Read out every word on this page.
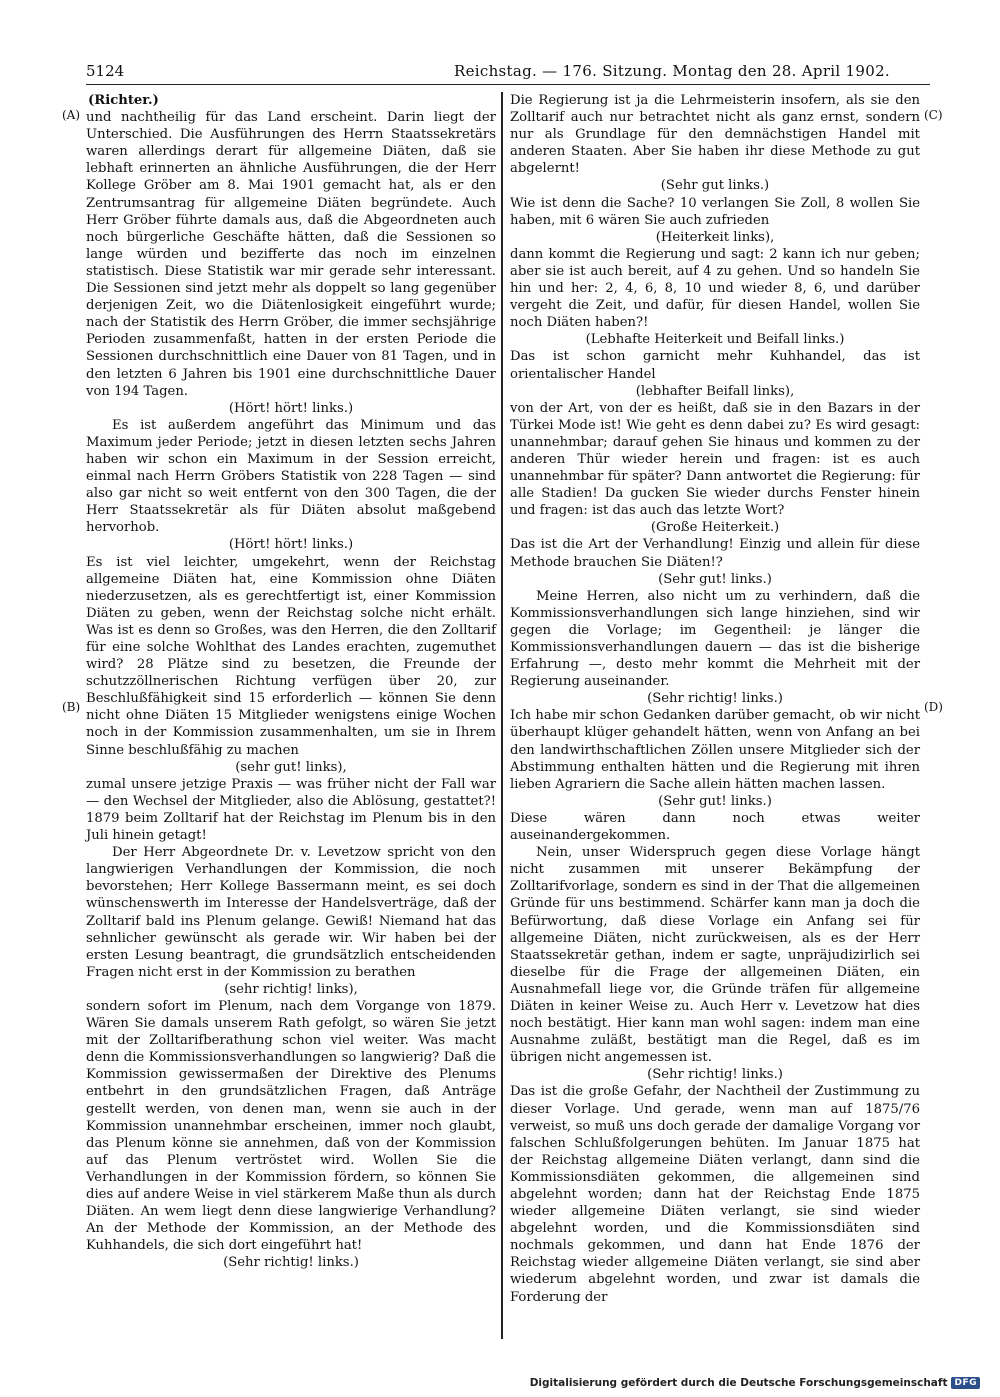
5124	Reichstag. — 176. Sitzung. Montag den 28. April 1902.

(Richter.)

und nachtheilig für das Land erscheint. Darin liegt der Unterschied. Die Ausführungen des Herrn Staatssekretärs waren allerdings derart für allgemeine Diäten, daß sie lebhaft erinnerten an ähnliche Ausführungen, die der Herr Kollege Gröber am 8. Mai 1901 gemacht hat, als er den Zentrumsantrag für allgemeine Diäten begründete. Auch Herr Gröber führte damals aus, daß die Abgeordneten auch noch bürgerliche Geschäfte hätten, daß die Sessionen so lange würden und bezifferte das noch im einzelnen statistisch. Diese Statistik war mir gerade sehr interessant. Die Sessionen sind jetzt mehr als doppelt so lang gegenüber derjenigen Zeit, wo die Diätenlosigkeit eingeführt wurde; nach der Statistik des Herrn Gröber, die immer sechsjährige Perioden zusammenfaßt, hatten in der ersten Periode die Sessionen durchschnittlich eine Dauer von 81 Tagen, und in den letzten 6 Jahren bis 1901 eine durchschnittliche Dauer von 194 Tagen.

(Hört! hört! links.)

Es ist außerdem angeführt das Minimum und das Maximum jeder Periode; jetzt in diesen letzten sechs Jahren haben wir schon ein Maximum in der Session erreicht, einmal nach Herrn Gröbers Statistik von 228 Tagen — sind also gar nicht so weit entfernt von den 300 Tagen, die der Herr Staatssekretär als für Diäten absolut maßgebend hervorhob.

(Hört! hört! links.)

Es ist viel leichter, umgekehrt, wenn der Reichstag allgemeine Diäten hat, eine Kommission ohne Diäten niederzusetzen, als es gerechtfertigt ist, einer Kommission Diäten zu geben, wenn der Reichstag solche nicht erhält. Was ist es denn so Großes, was den Herren, die den Zolltarif für eine solche Wohlthat des Landes erachten, zugemuthet wird? 28 Plätze sind zu besetzen, die Freunde der schutzzöllnerischen Richtung verfügen über 20, zur Beschlußfähigkeit sind 15 erforderlich — können Sie denn nicht ohne Diäten 15 Mitglieder wenigstens einige Wochen noch in der Kommission zusammenhalten, um sie in Ihrem Sinne beschlußfähig zu machen

(sehr gut! links),

zumal unsere jetzige Praxis — was früher nicht der Fall war — den Wechsel der Mitglieder, also die Ablösung, gestattet?! 1879 beim Zolltarif hat der Reichstag im Plenum bis in den Juli hinein getagt!

Der Herr Abgeordnete Dr. v. Levetzow spricht von den langwierigen Verhandlungen der Kommission, die noch bevorstehen; Herr Kollege Bassermann meint, es sei doch wünschenswerth im Interesse der Handelsverträge, daß der Zolltarif bald ins Plenum gelange. Gewiß! Niemand hat das sehnlicher gewünscht als gerade wir. Wir haben bei der ersten Lesung beantragt, die grundsätzlich entscheidenden Fragen nicht erst in der Kommission zu berathen

(sehr richtig! links),

sondern sofort im Plenum, nach dem Vorgange von 1879. Wären Sie damals unserem Rath gefolgt, so wären Sie jetzt mit der Zolltarifberathung schon viel weiter. Was macht denn die Kommissionsverhandlungen so langwierig? Daß die Kommission gewissermaßen der Direktive des Plenums entbehrt in den grundsätzlichen Fragen, daß Anträge gestellt werden, von denen man, wenn sie auch in der Kommission unannehmbar erscheinen, immer noch glaubt, das Plenum könne sie annehmen, daß von der Kommission auf das Plenum vertröstet wird. Wollen Sie die Verhandlungen in der Kommission fördern, so können Sie dies auf andere Weise in viel stärkerem Maße thun als durch Diäten. An wem liegt denn diese langwierige Verhandlung? An der Methode der Kommission, an der Methode des Kuhhandels, die sich dort eingeführt hat!

(Sehr richtig! links.)

Die Regierung ist ja die Lehrmeisterin insofern, als sie den Zolltarif auch nur betrachtet nicht als ganz ernst, sondern nur als Grundlage für den demnächstigen Handel mit anderen Staaten. Aber Sie haben ihr diese Methode zu gut abgelernt!

(Sehr gut links.)

Wie ist denn die Sache? 10 verlangen Sie Zoll, 8 wollen Sie haben, mit 6 wären Sie auch zufrieden

(Heiterkeit links),

dann kommt die Regierung und sagt: 2 kann ich nur geben; aber sie ist auch bereit, auf 4 zu gehen. Und so handeln Sie hin und her: 2, 4, 6, 8, 10 und wieder 8, 6, und darüber vergeht die Zeit, und dafür, für diesen Handel, wollen Sie noch Diäten haben?!

(Lebhafte Heiterkeit und Beifall links.)

Das ist schon garnicht mehr Kuhhandel, das ist orientalischer Handel

(lebhafter Beifall links),

von der Art, von der es heißt, daß sie in den Bazars in der Türkei Mode ist! Wie geht es denn dabei zu? Es wird gesagt: unannehmbar; darauf gehen Sie hinaus und kommen zu der anderen Thür wieder herein und fragen: ist es auch unannehmbar für später? Dann antwortet die Regierung: für alle Stadien! Da gucken Sie wieder durchs Fenster hinein und fragen: ist das auch das letzte Wort?

(Große Heiterkeit.)

Das ist die Art der Verhandlung! Einzig und allein für diese Methode brauchen Sie Diäten!?

(Sehr gut! links.)

Meine Herren, also nicht um zu verhindern, daß die Kommissionsverhandlungen sich lange hinziehen, sind wir gegen die Vorlage; im Gegentheil: je länger die Kommissionsverhandlungen dauern — das ist die bisherige Erfahrung —, desto mehr kommt die Mehrheit mit der Regierung auseinander.

(Sehr richtig! links.)

Ich habe mir schon Gedanken darüber gemacht, ob wir nicht überhaupt klüger gehandelt hätten, wenn von Anfang an bei den landwirthschaftlichen Zöllen unsere Mitglieder sich der Abstimmung enthalten hätten und die Regierung mit ihren lieben Agrariern die Sache allein hätten machen lassen.

(Sehr gut! links.)

Diese wären dann noch etwas weiter auseinandergekommen.

Nein, unser Widerspruch gegen diese Vorlage hängt nicht zusammen mit unserer Bekämpfung der Zolltarifvorlage, sondern es sind in der That die allgemeinen Gründe für uns bestimmend. Schärfer kann man ja doch die Befürwortung, daß diese Vorlage ein Anfang sei für allgemeine Diäten, nicht zurückweisen, als es der Herr Staatssekretär gethan, indem er sagte, unpräjudizirlich sei dieselbe für die Frage der allgemeinen Diäten, ein Ausnahmefall liege vor, die Gründe träfen für allgemeine Diäten in keiner Weise zu. Auch Herr v. Levetzow hat dies noch bestätigt. Hier kann man wohl sagen: indem man eine Ausnahme zuläßt, bestätigt man die Regel, daß es im übrigen nicht angemessen ist.

(Sehr richtig! links.)

Das ist die große Gefahr, der Nachtheil der Zustimmung zu dieser Vorlage. Und gerade, wenn man auf 1875/76 verweist, so muß uns doch gerade der damalige Vorgang vor falschen Schlußfolgerungen behüten. Im Januar 1875 hat der Reichstag allgemeine Diäten verlangt, dann sind die Kommissionsdiäten gekommen, die allgemeinen sind abgelehnt worden; dann hat der Reichstag Ende 1875 wieder allgemeine Diäten verlangt, sie sind wieder abgelehnt worden, und die Kommissionsdiäten sind nochmals gekommen, und dann hat Ende 1876 der Reichstag wieder allgemeine Diäten verlangt, sie sind aber wiederum abgelehnt worden, und zwar ist damals die Forderung der

(A)
(B)
(C)
(D)
Digitalisierung gefördert durch die Deutsche Forschungsgemeinschaft DFG
